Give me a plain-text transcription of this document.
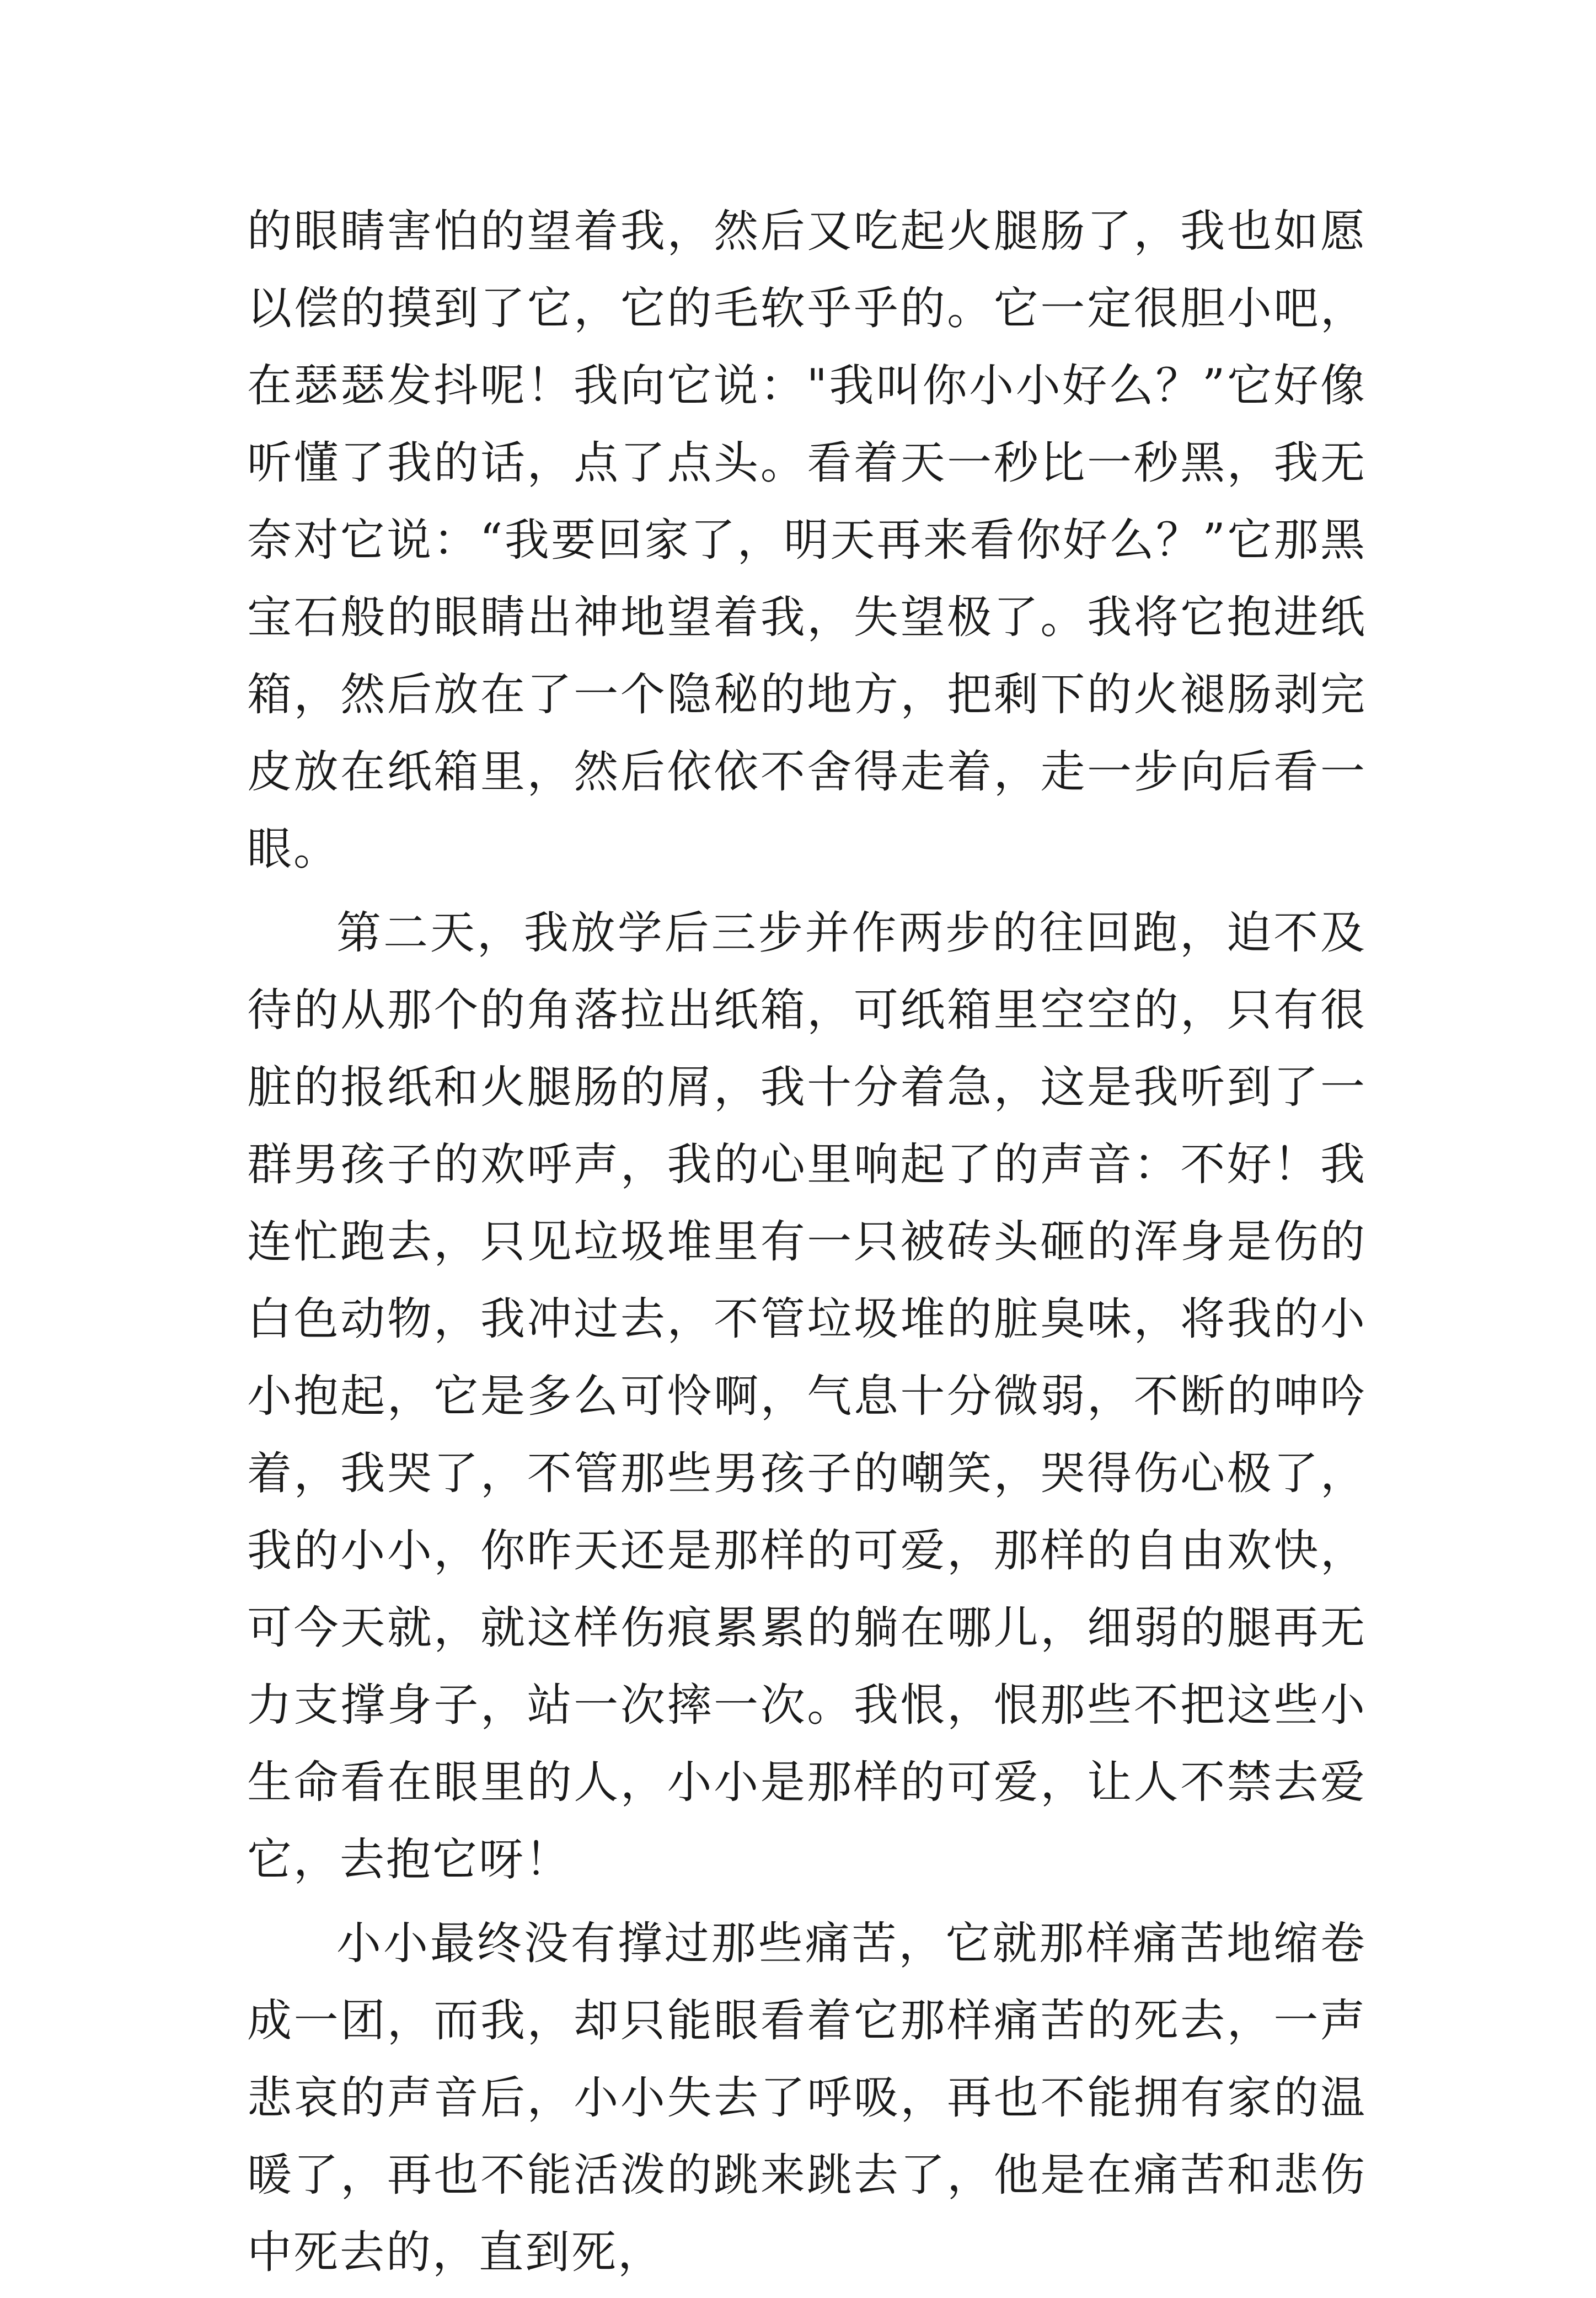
的眼睛害怕的望着我，然后又吃起火腿肠了，我也如愿以偿的摸到了它，它的毛软乎乎的。它一定很胆小吧，在瑟瑟发抖呢！我向它说："我叫你小小好么？”它好像听懂了我的话，点了点头。看着天一秒比一秒黑，我无奈对它说：“我要回家了，明天再来看你好么？”它那黑宝石般的眼睛出神地望着我，失望极了。我将它抱进纸箱，然后放在了一个隐秘的地方，把剩下的火褪肠剥完皮放在纸箱里，然后依依不舍得走着，走一步向后看一眼。

第二天，我放学后三步并作两步的往回跑，迫不及待的从那个的角落拉出纸箱，可纸箱里空空的，只有很脏的报纸和火腿肠的屑，我十分着急，这是我听到了一群男孩子的欢呼声，我的心里响起了的声音：不好！我连忙跑去，只见垃圾堆里有一只被砖头砸的浑身是伤的白色动物，我冲过去，不管垃圾堆的脏臭味，将我的小小抱起，它是多么可怜啊，气息十分微弱，不断的呻吟着，我哭了，不管那些男孩子的嘲笑，哭得伤心极了，我的小小，你昨天还是那样的可爱，那样的自由欢快，可今天就，就这样伤痕累累的躺在哪儿，细弱的腿再无力支撑身子，站一次摔一次。我恨，恨那些不把这些小生命看在眼里的人，小小是那样的可爱，让人不禁去爱它，去抱它呀！

小小最终没有撑过那些痛苦，它就那样痛苦地缩卷成一团，而我，却只能眼看着它那样痛苦的死去，一声悲哀的声音后，小小失去了呼吸，再也不能拥有家的温暖了，再也不能活泼的跳来跳去了，他是在痛苦和悲伤中死去的，直到死，
